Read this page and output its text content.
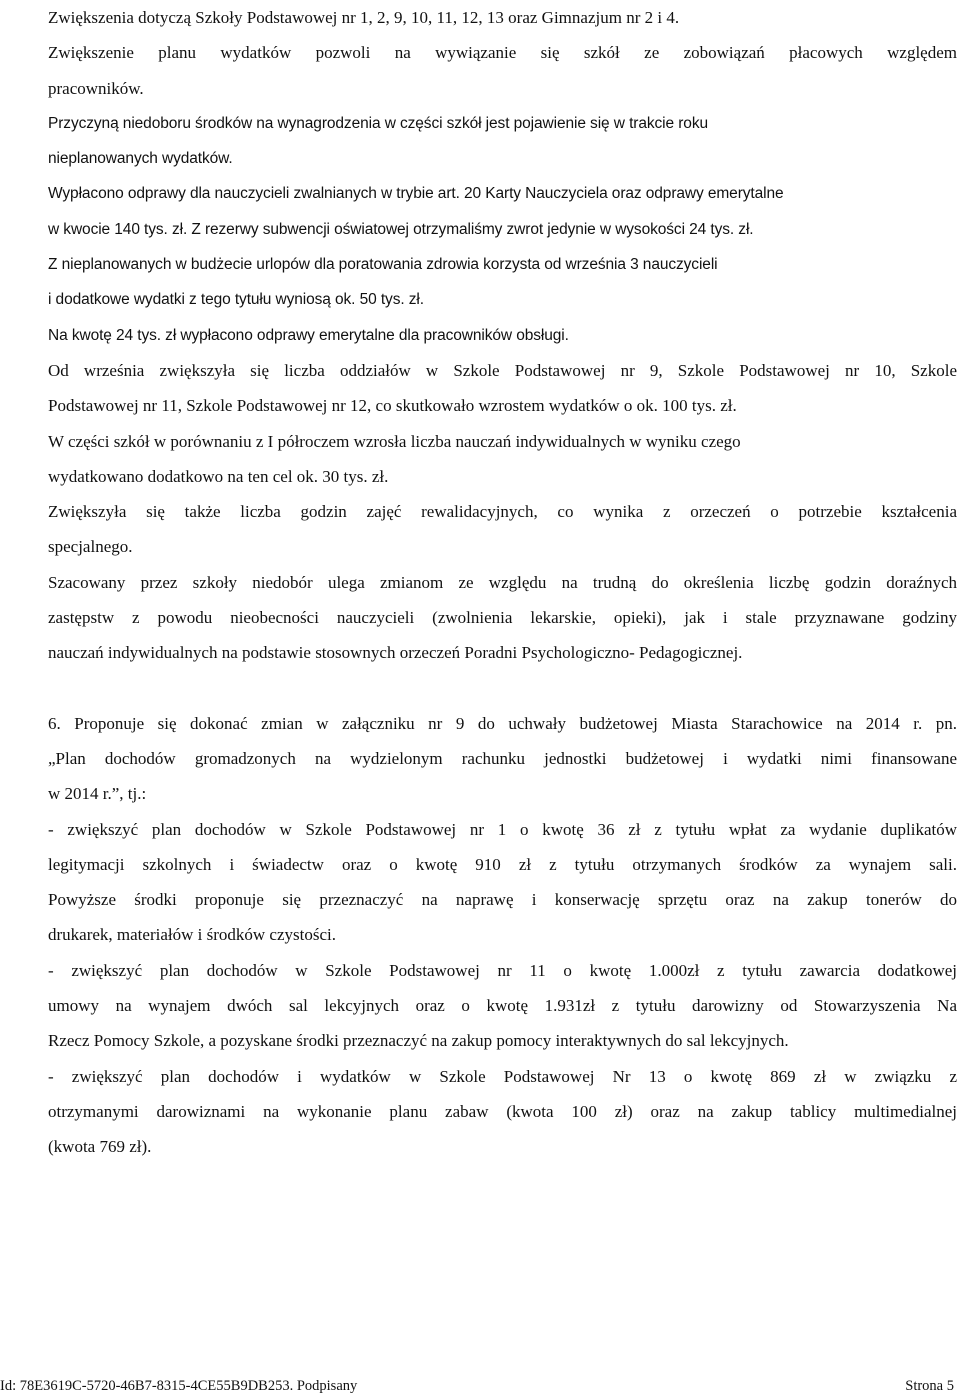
Zwiększenia dotyczą Szkoły Podstawowej nr 1, 2, 9, 10, 11, 12, 13 oraz Gimnazjum nr 2 i 4.
Zwiększenie planu wydatków pozwoli na wywiązanie się szkół ze zobowiązań płacowych względem
pracowników.

Przyczyną niedoboru środków na wynagrodzenia w części szkół jest pojawienie się w trakcie roku
nieplanowanych wydatków.
Wypłacono odprawy dla nauczycieli zwalnianych w trybie art. 20 Karty Nauczyciela oraz odprawy emerytalne
w kwocie 140 tys. zł. Z rezerwy subwencji oświatowej otrzymaliśmy zwrot jedynie w wysokości 24 tys. zł.
Z nieplanowanych w budżecie urlopów dla poratowania zdrowia korzysta od września 3 nauczycieli
i dodatkowe wydatki z tego tytułu wyniosą ok. 50 tys. zł.
Na kwotę 24 tys. zł wypłacono odprawy emerytalne dla pracowników obsługi.

Od września zwiększyła się liczba oddziałów w Szkole Podstawowej nr 9, Szkole Podstawowej nr 10, Szkole
Podstawowej nr 11, Szkole Podstawowej nr 12, co skutkowało wzrostem wydatków o ok. 100 tys. zł.
W części szkół w porównaniu z I półroczem wzrosła liczba nauczań indywidualnych w wyniku czego
wydatkowano dodatkowo na ten cel ok. 30 tys. zł.
Zwiększyła się także liczba godzin zajęć rewalidacyjnych, co wynika z orzeczeń o potrzebie kształcenia
specjalnego.
Szacowany przez szkoły niedobór ulega zmianom ze względu na trudną do określenia liczbę godzin doraźnych
zastępstw z powodu nieobecności nauczycieli (zwolnienia lekarskie, opieki), jak i stale przyznawane godziny
nauczań indywidualnych na podstawie stosownych orzeczeń Poradni Psychologiczno- Pedagogicznej.

6. Proponuje się dokonać zmian w załączniku nr 9 do uchwały budżetowej Miasta Starachowice na 2014 r. pn.
„Plan dochodów gromadzonych na wydzielonym rachunku jednostki budżetowej i wydatki nimi finansowane
w 2014 r.”, tj.:
- zwiększyć plan dochodów w Szkole Podstawowej nr 1 o kwotę 36 zł z tytułu wpłat za wydanie duplikatów
legitymacji szkolnych i świadectw oraz o kwotę 910 zł z tytułu otrzymanych środków za wynajem sali.
Powyższe środki proponuje się przeznaczyć na naprawę i konserwację sprzętu oraz na zakup tonerów do
drukarek, materiałów i środków czystości.
- zwiększyć plan dochodów w Szkole Podstawowej nr 11 o kwotę 1.000zł z tytułu zawarcia dodatkowej
umowy na wynajem dwóch sal lekcyjnych oraz o kwotę 1.931zł z tytułu darowizny od Stowarzyszenia Na
Rzecz Pomocy Szkole, a pozyskane środki przeznaczyć na zakup pomocy interaktywnych do sal lekcyjnych.
- zwiększyć plan dochodów i wydatków w Szkole Podstawowej Nr 13 o kwotę 869 zł w związku z
otrzymanymi darowiznami na wykonanie planu zabaw (kwota 100 zł) oraz na zakup tablicy multimedialnej
(kwota 769 zł).

Id: 78E3619C-5720-46B7-8315-4CE55B9DB253. Podpisany	Strona 5
